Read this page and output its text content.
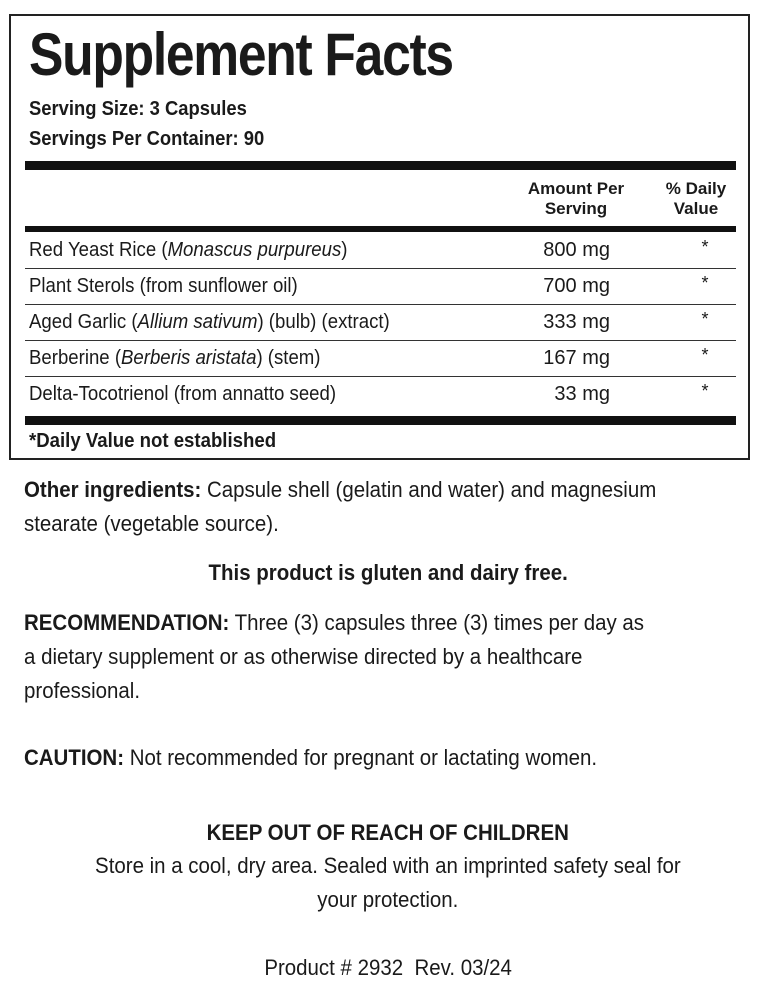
Supplement Facts
Serving Size: 3 Capsules
Servings Per Container: 90
Amount Per
Serving
% Daily
Value
Red Yeast Rice (Monascus purpureus)	800 mg	*
Plant Sterols (from sunflower oil)	700 mg	*
Aged Garlic (Allium sativum) (bulb) (extract)	333 mg	*
Berberine (Berberis aristata) (stem)	167 mg	*
Delta-Tocotrienol (from annatto seed)	33 mg	*
*Daily Value not established
Other ingredients: Capsule shell (gelatin and water) and magnesium
stearate (vegetable source).
This product is gluten and dairy free.
RECOMMENDATION: Three (3) capsules three (3) times per day as
a dietary supplement or as otherwise directed by a healthcare
professional.
CAUTION: Not recommended for pregnant or lactating women.
KEEP OUT OF REACH OF CHILDREN
Store in a cool, dry area. Sealed with an imprinted safety seal for
your protection.
Product # 2932  Rev. 03/24
